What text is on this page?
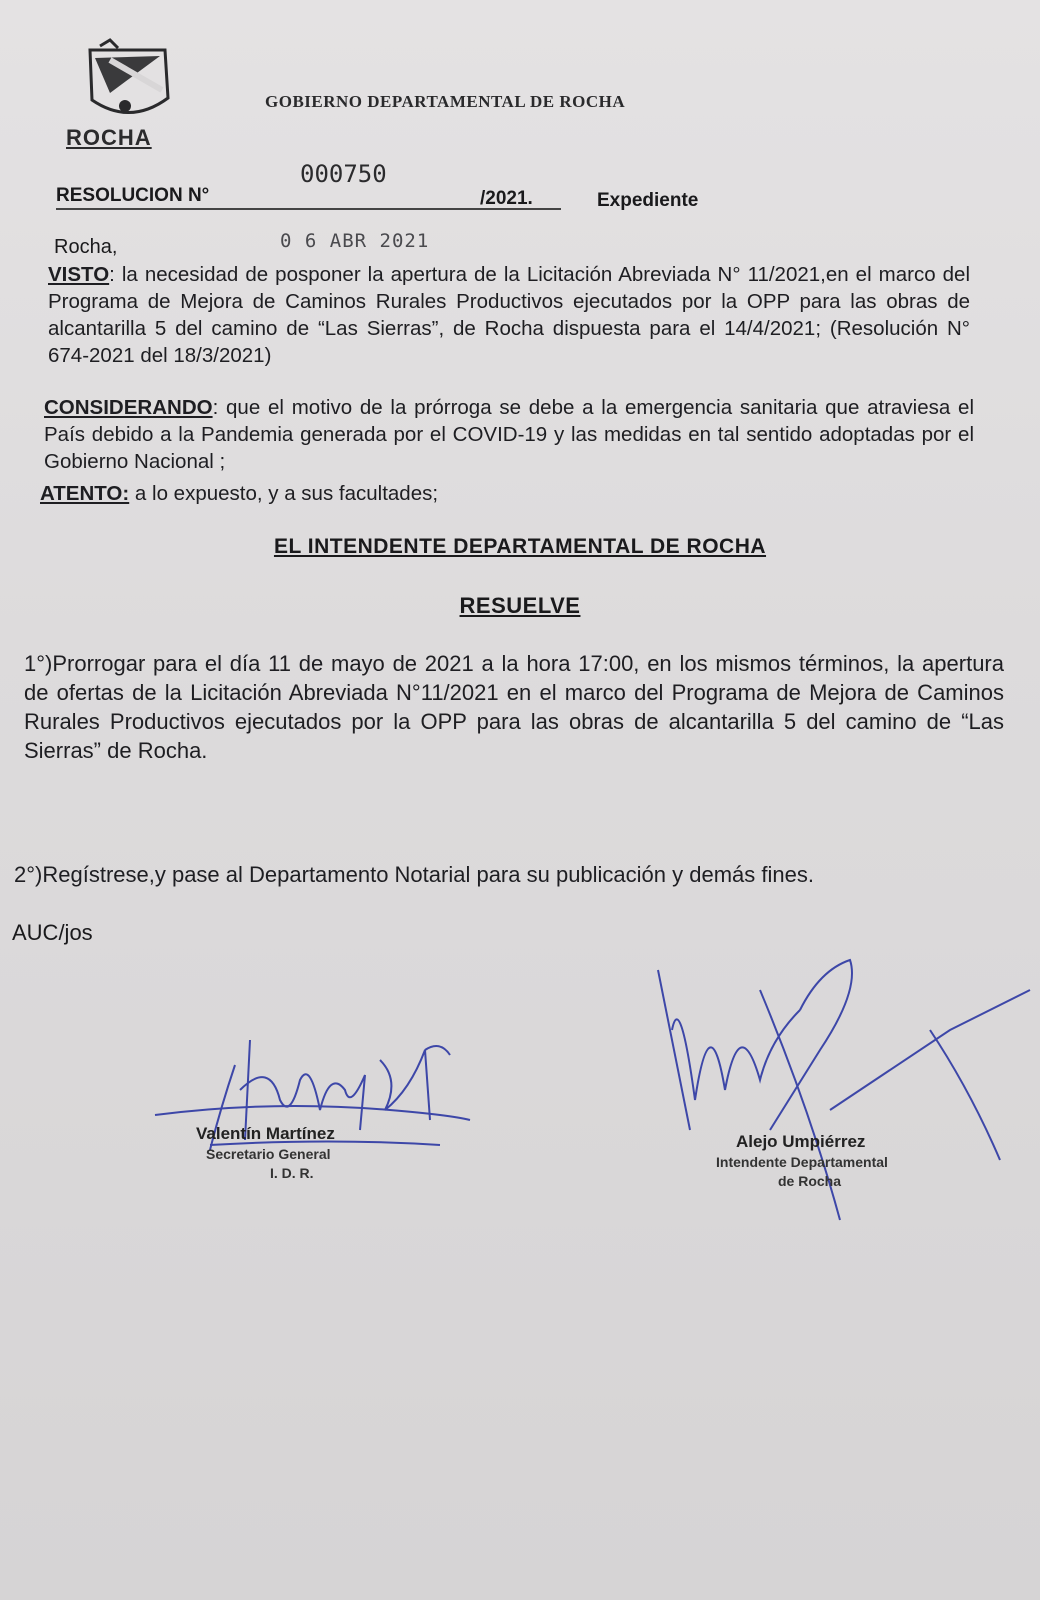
ROCHA
GOBIERNO DEPARTAMENTAL DE ROCHA
000750
RESOLUCION N°	/2021.	Expediente
Rocha,	0 6 ABR 2021
VISTO: la necesidad de posponer la apertura de la Licitación Abreviada N° 11/2021,en el marco del Programa de Mejora de Caminos Rurales Productivos ejecutados por la OPP para las obras de alcantarilla 5 del camino de “Las Sierras”, de Rocha dispuesta para el 14/4/2021; (Resolución N° 674-2021 del 18/3/2021)
CONSIDERANDO: que el motivo de la prórroga se debe a la emergencia sanitaria que atraviesa el País debido a la Pandemia generada por el COVID-19 y las medidas en tal sentido adoptadas por el Gobierno Nacional ;
ATENTO: a lo expuesto, y a sus facultades;
EL INTENDENTE DEPARTAMENTAL DE ROCHA
RESUELVE
1°)Prorrogar para el día 11 de mayo de 2021 a la hora 17:00, en los mismos términos, la apertura de ofertas de la Licitación Abreviada N°11/2021 en el marco del Programa de Mejora de Caminos Rurales Productivos ejecutados por la OPP para las obras de alcantarilla 5 del camino de “Las Sierras” de Rocha.
2°)Regístrese,y pase al Departamento Notarial para su publicación y demás fines.
AUC/jos
Valentín Martínez
Secretario General
I. D. R.
Alejo Umpiérrez
Intendente Departamental
de Rocha
